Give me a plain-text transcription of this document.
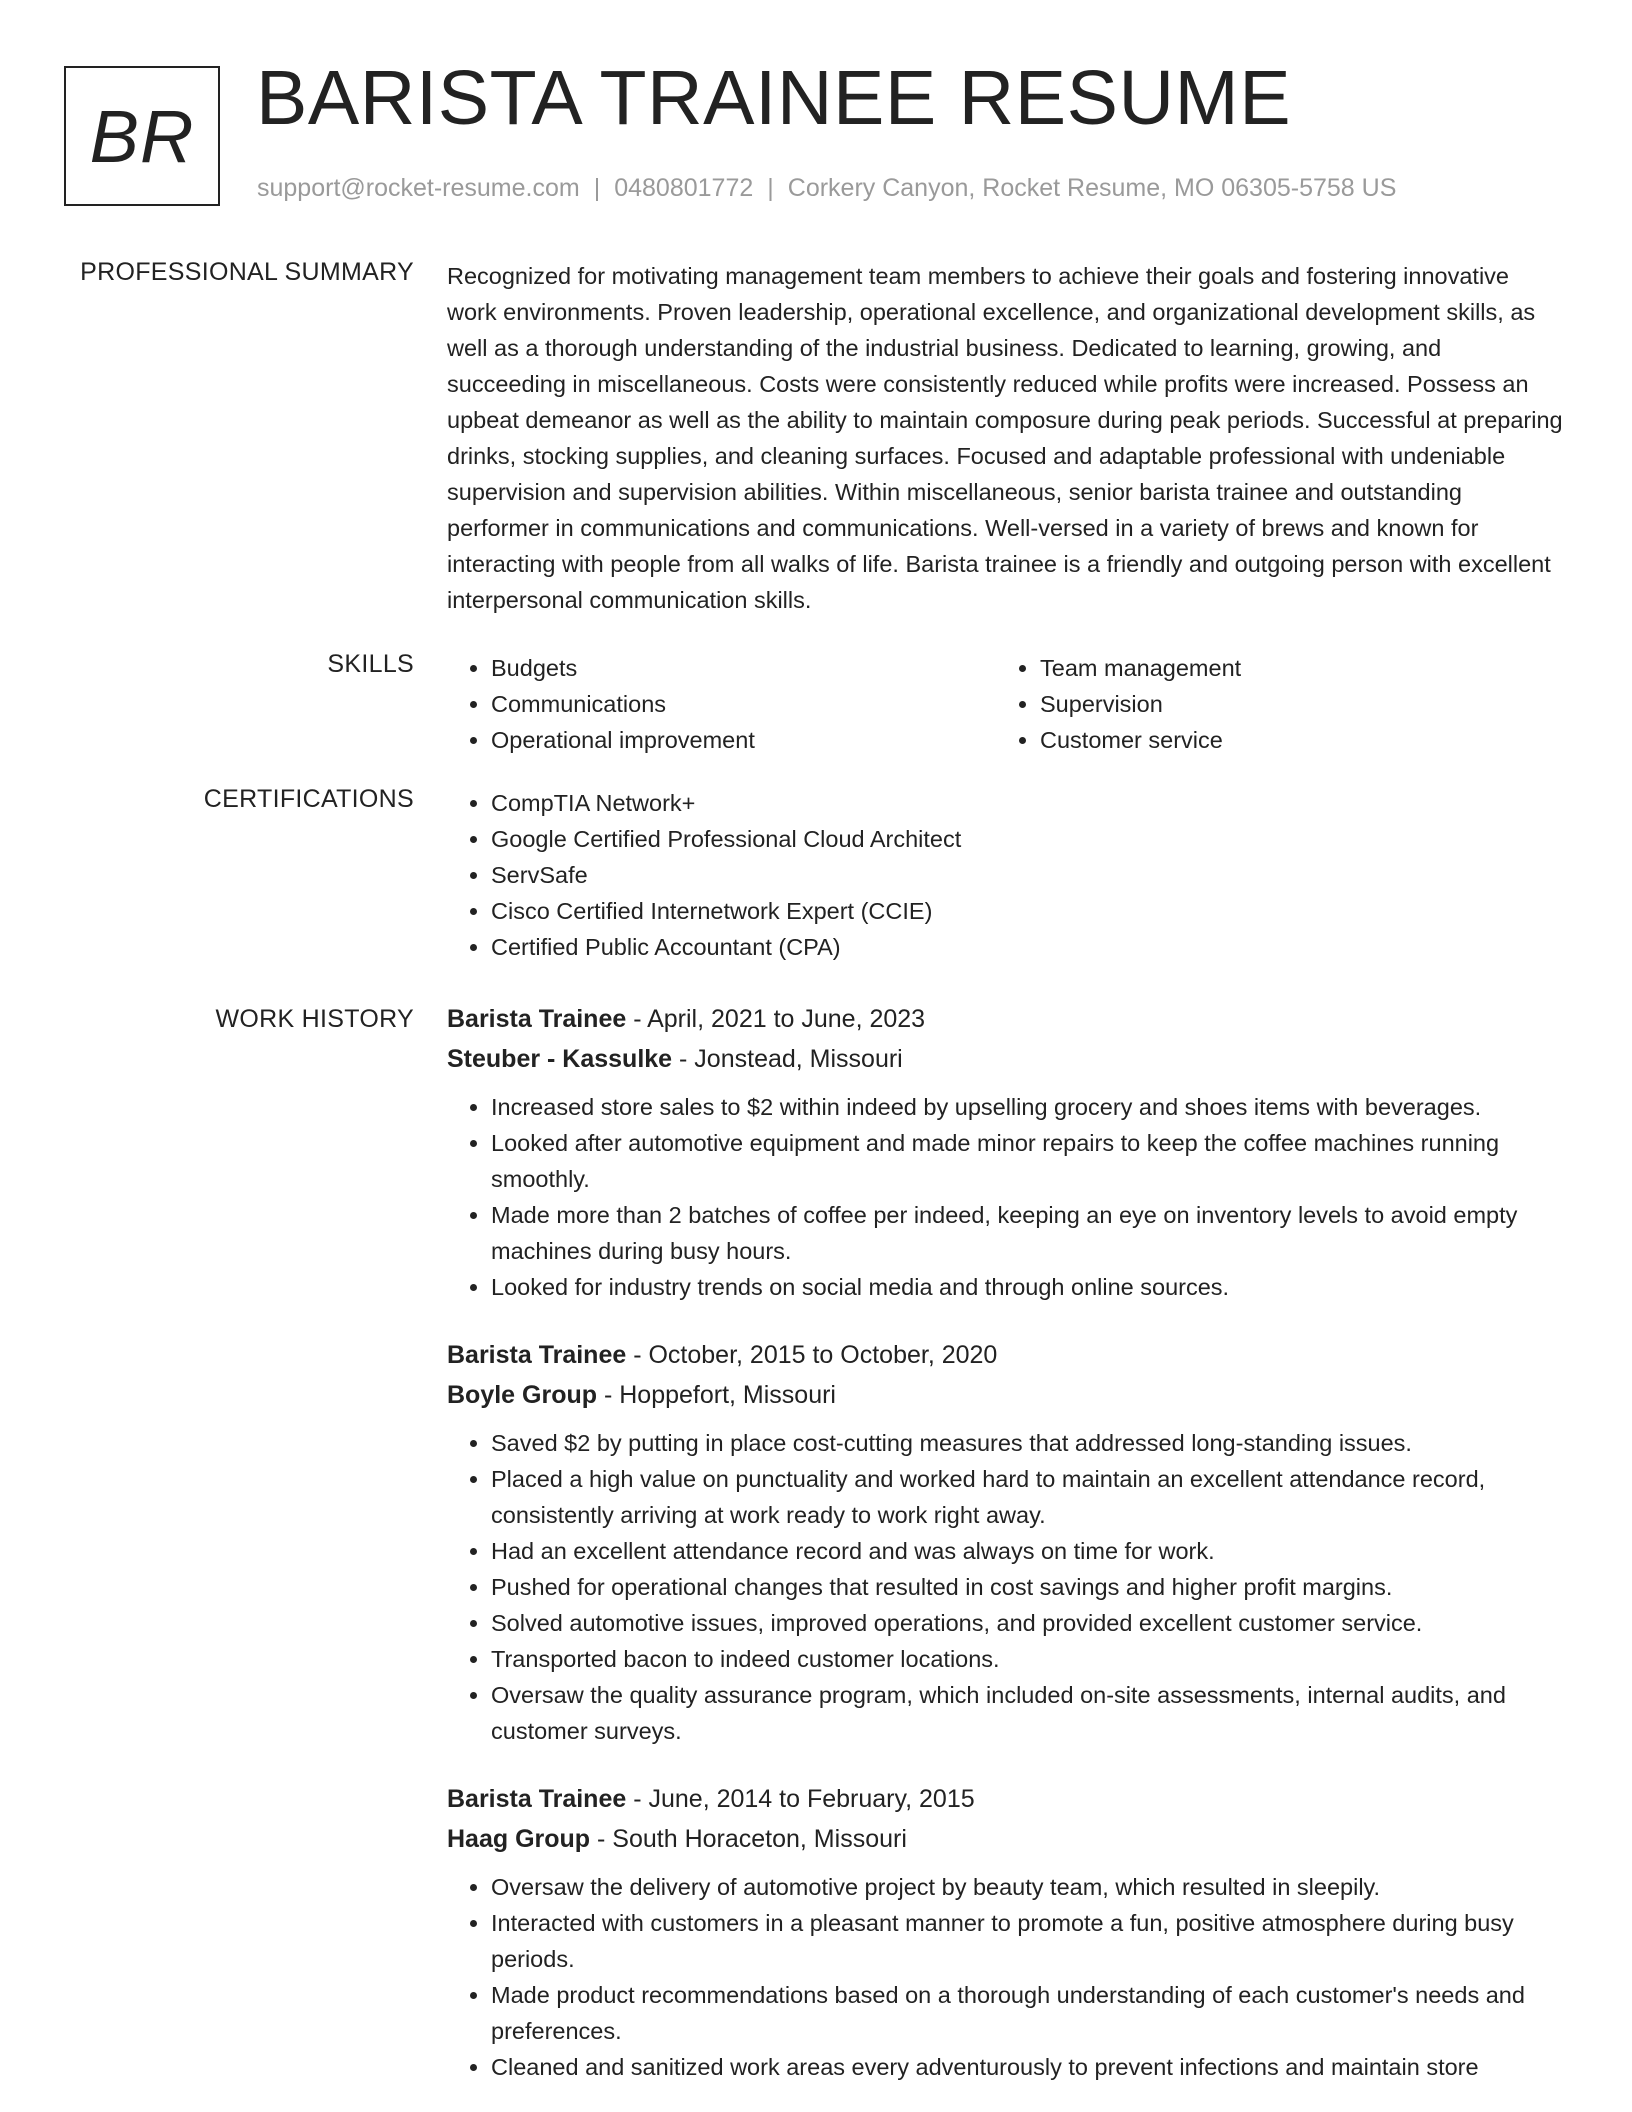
BR BARISTA TRAINEE RESUME
support@rocket-resume.com | 0480801772 | Corkery Canyon, Rocket Resume, MO 06305-5758 US
PROFESSIONAL SUMMARY Recognized for motivating management team members to achieve their goals and fostering innovative work environments. Proven leadership, operational excellence, and organizational development skills, as well as a thorough understanding of the industrial business. Dedicated to learning, growing, and succeeding in miscellaneous. Costs were consistently reduced while profits were increased. Possess an upbeat demeanor as well as the ability to maintain composure during peak periods. Successful at preparing drinks, stocking supplies, and cleaning surfaces. Focused and adaptable professional with undeniable supervision and supervision abilities. Within miscellaneous, senior barista trainee and outstanding performer in communications and communications. Well-versed in a variety of brews and known for interacting with people from all walks of life. Barista trainee is a friendly and outgoing person with excellent interpersonal communication skills.
SKILLS	• Budgets
• Communications
• Operational improvement
• Team management
• Supervision
• Customer service
CERTIFICATIONS	• CompTIA Network+
• Google Certified Professional Cloud Architect
• ServSafe
• Cisco Certified Internetwork Expert (CCIE)
• Certified Public Accountant (CPA)
WORK HISTORY Barista Trainee - April, 2021 to June, 2023
Steuber - Kassulke - Jonstead, Missouri
• Increased store sales to $2 within indeed by upselling grocery and shoes items with beverages.
• Looked after automotive equipment and made minor repairs to keep the coffee machines running smoothly.
• Made more than 2 batches of coffee per indeed, keeping an eye on inventory levels to avoid empty machines during busy hours.
• Looked for industry trends on social media and through online sources.
Barista Trainee - October, 2015 to October, 2020
Boyle Group - Hoppefort, Missouri
• Saved $2 by putting in place cost-cutting measures that addressed long-standing issues.
• Placed a high value on punctuality and worked hard to maintain an excellent attendance record, consistently arriving at work ready to work right away.
• Had an excellent attendance record and was always on time for work.
• Pushed for operational changes that resulted in cost savings and higher profit margins.
• Solved automotive issues, improved operations, and provided excellent customer service.
• Transported bacon to indeed customer locations.
• Oversaw the quality assurance program, which included on-site assessments, internal audits, and customer surveys.
Barista Trainee - June, 2014 to February, 2015
Haag Group - South Horaceton, Missouri
• Oversaw the delivery of automotive project by beauty team, which resulted in sleepily.
• Interacted with customers in a pleasant manner to promote a fun, positive atmosphere during busy periods.
• Made product recommendations based on a thorough understanding of each customer's needs and preferences.
• Cleaned and sanitized work areas every adventurously to prevent infections and maintain store
